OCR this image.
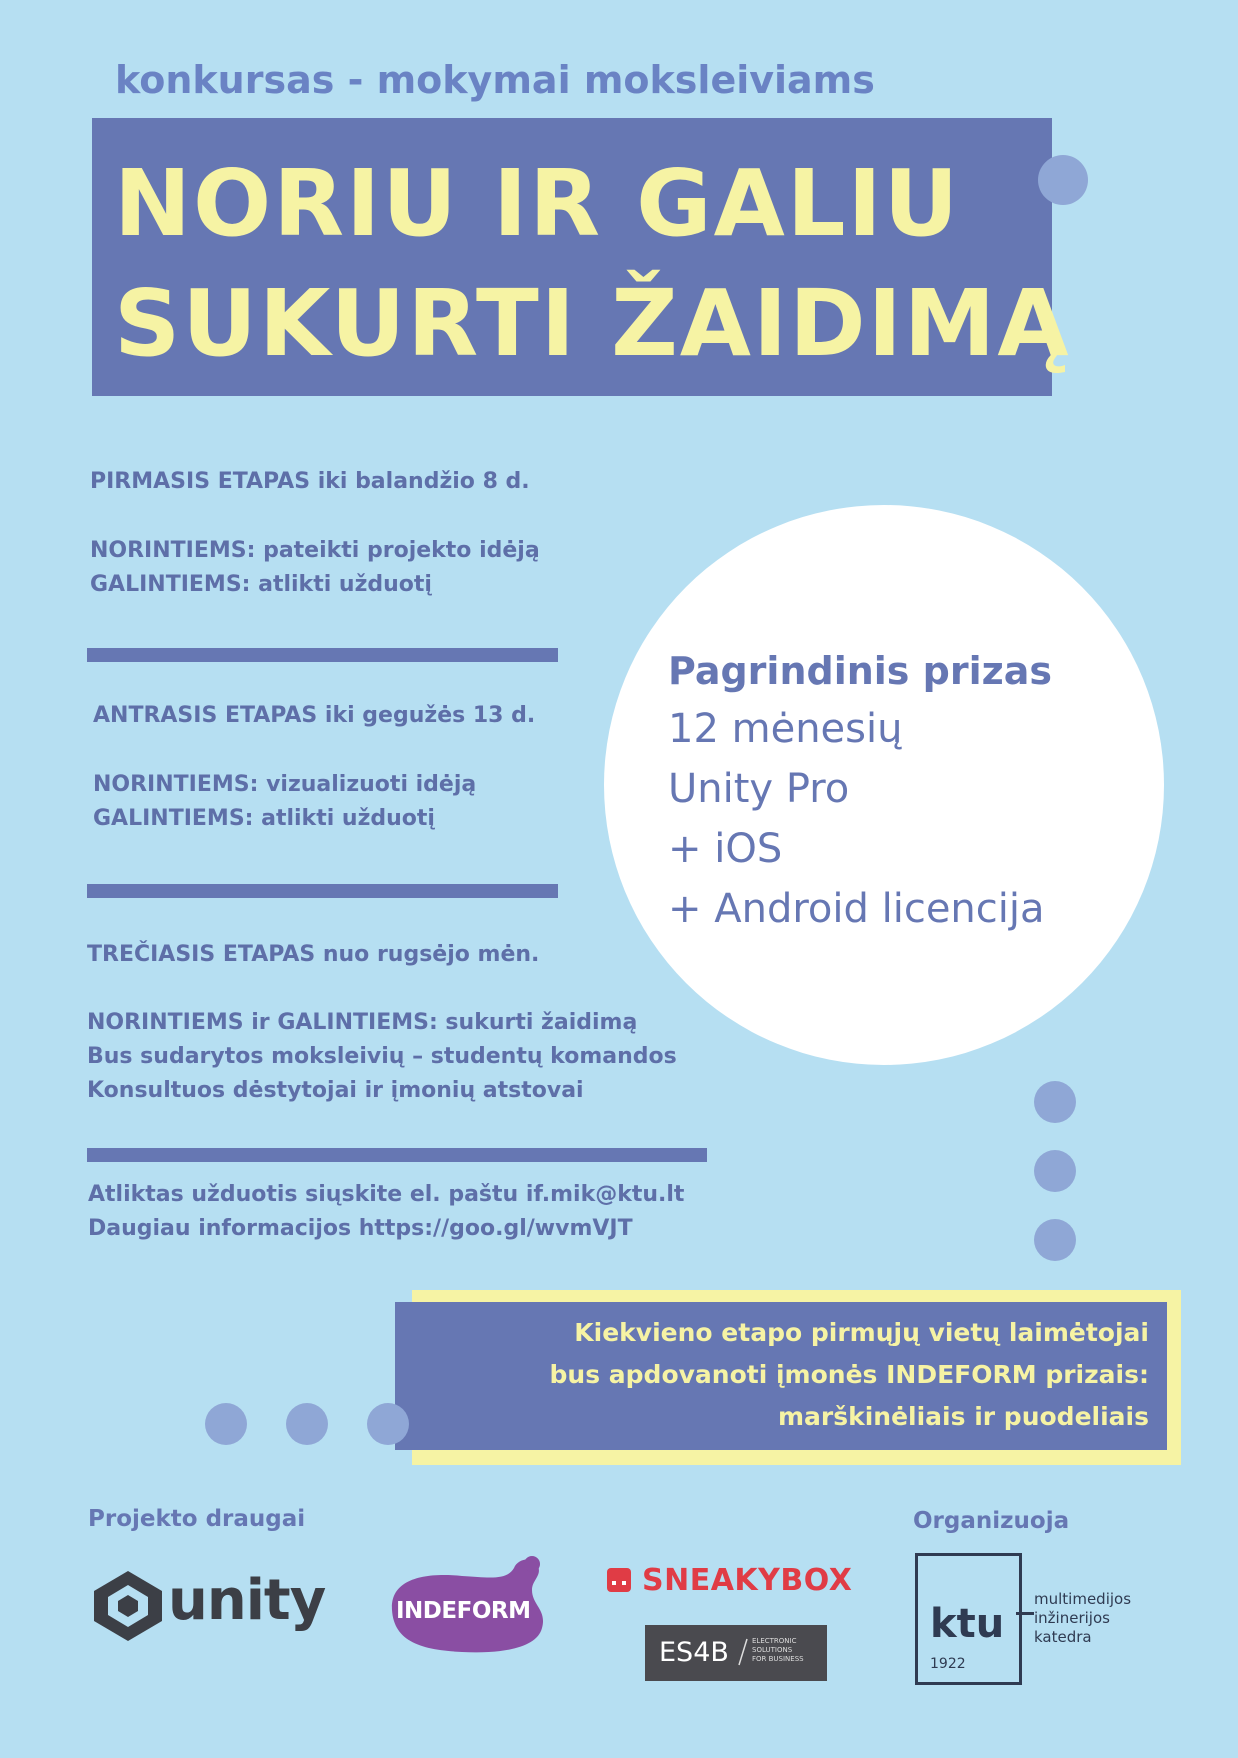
konkursas - mokymai moksleiviams
NORIU IR GALIU
SUKURTI ŽAIDIMĄ
PIRMASIS ETAPAS iki balandžio 8 d.
NORINTIEMS: pateikti projekto idėją
GALINTIEMS: atlikti užduotį
ANTRASIS ETAPAS iki gegužės 13 d.
NORINTIEMS: vizualizuoti idėją
GALINTIEMS: atlikti užduotį
TREČIASIS ETAPAS nuo rugsėjo mėn.
NORINTIEMS ir GALINTIEMS: sukurti žaidimą
Bus sudarytos moksleivių – studentų komandos
Konsultuos dėstytojai ir įmonių atstovai
Atliktas užduotis siųskite el. paštu if.mik@ktu.lt
Daugiau informacijos https://goo.gl/wvmVJT
Pagrindinis prizas
12 mėnesių
Unity Pro
+ iOS
+ Android licencija
Kiekvieno etapo pirmųjų vietų laimėtojai
bus apdovanoti įmonės INDEFORM prizais:
marškinėliais ir puodeliais
Projekto draugai	Organizuoja
unity	INDEFORM
SNEAKYBOX
ES4B	ELECTRONIC
SOLUTIONS
FOR BUSINESS
ktu
1922
multimedijos
inžinerijos
katedra
